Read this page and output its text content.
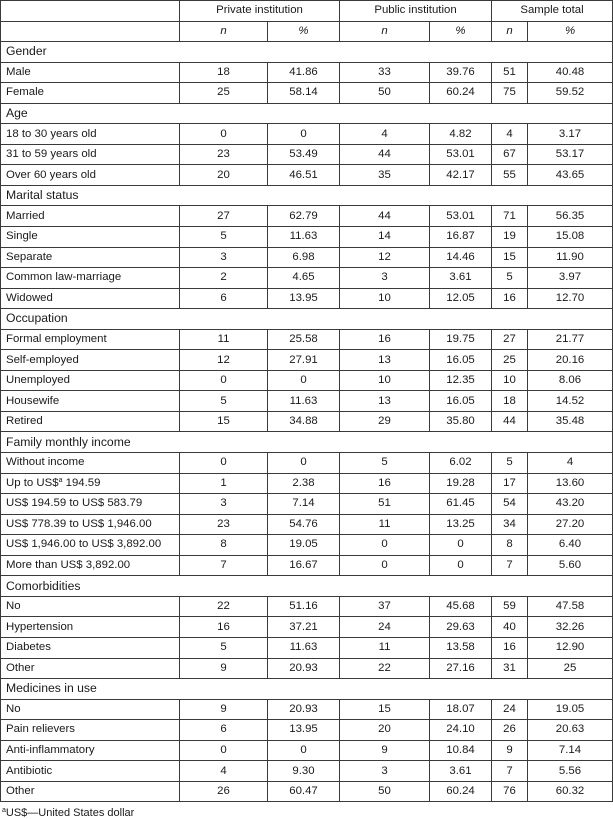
	Private institution		Public institution		Sample total	
	n	%	n	%	n	%
Gender						
Male	18	41.86	33	39.76	51	40.48
Female	25	58.14	50	60.24	75	59.52
Age						
18 to 30 years old	0	0	4	4.82	4	3.17
31 to 59 years old	23	53.49	44	53.01	67	53.17
Over 60 years old	20	46.51	35	42.17	55	43.65
Marital status						
Married	27	62.79	44	53.01	71	56.35
Single	5	11.63	14	16.87	19	15.08
Separate	3	6.98	12	14.46	15	11.90
Common law-marriage	2	4.65	3	3.61	5	3.97
Widowed	6	13.95	10	12.05	16	12.70
Occupation						
Formal employment	11	25.58	16	19.75	27	21.77
Self-employed	12	27.91	13	16.05	25	20.16
Unemployed	0	0	10	12.35	10	8.06
Housewife	5	11.63	13	16.05	18	14.52
Retired	15	34.88	29	35.80	44	35.48
Family monthly income						
Without income	0	0	5	6.02	5	4
Up to US\$$^a$ 194.59	1	2.38	16	19.28	17	13.60
US$ 194.59 to US$ 583.79	3	7.14	51	61.45	54	43.20
US$ 778.39 to US$ 1,946.00	23	54.76	11	13.25	34	27.20
US$ 1,946.00 to US$ 3,892.00	8	19.05	0	0	8	6.40
More than US$ 3,892.00	7	16.67	0	0	7	5.60
Comorbidities						
No	22	51.16	37	45.68	59	47.58
Hypertension	16	37.21	24	29.63	40	32.26
Diabetes	5	11.63	11	13.58	16	12.90
Other	9	20.93	22	27.16	31	25
Medicines in use						
No	9	20.93	15	18.07	24	19.05
Pain relievers	6	13.95	20	24.10	26	20.63
Anti-inflammatory	0	0	9	10.84	9	7.14
Antibiotic	4	9.30	3	3.61	7	5.56
Other	26	60.47	50	60.24	76	60.32
$^a$US$—United States dollar
